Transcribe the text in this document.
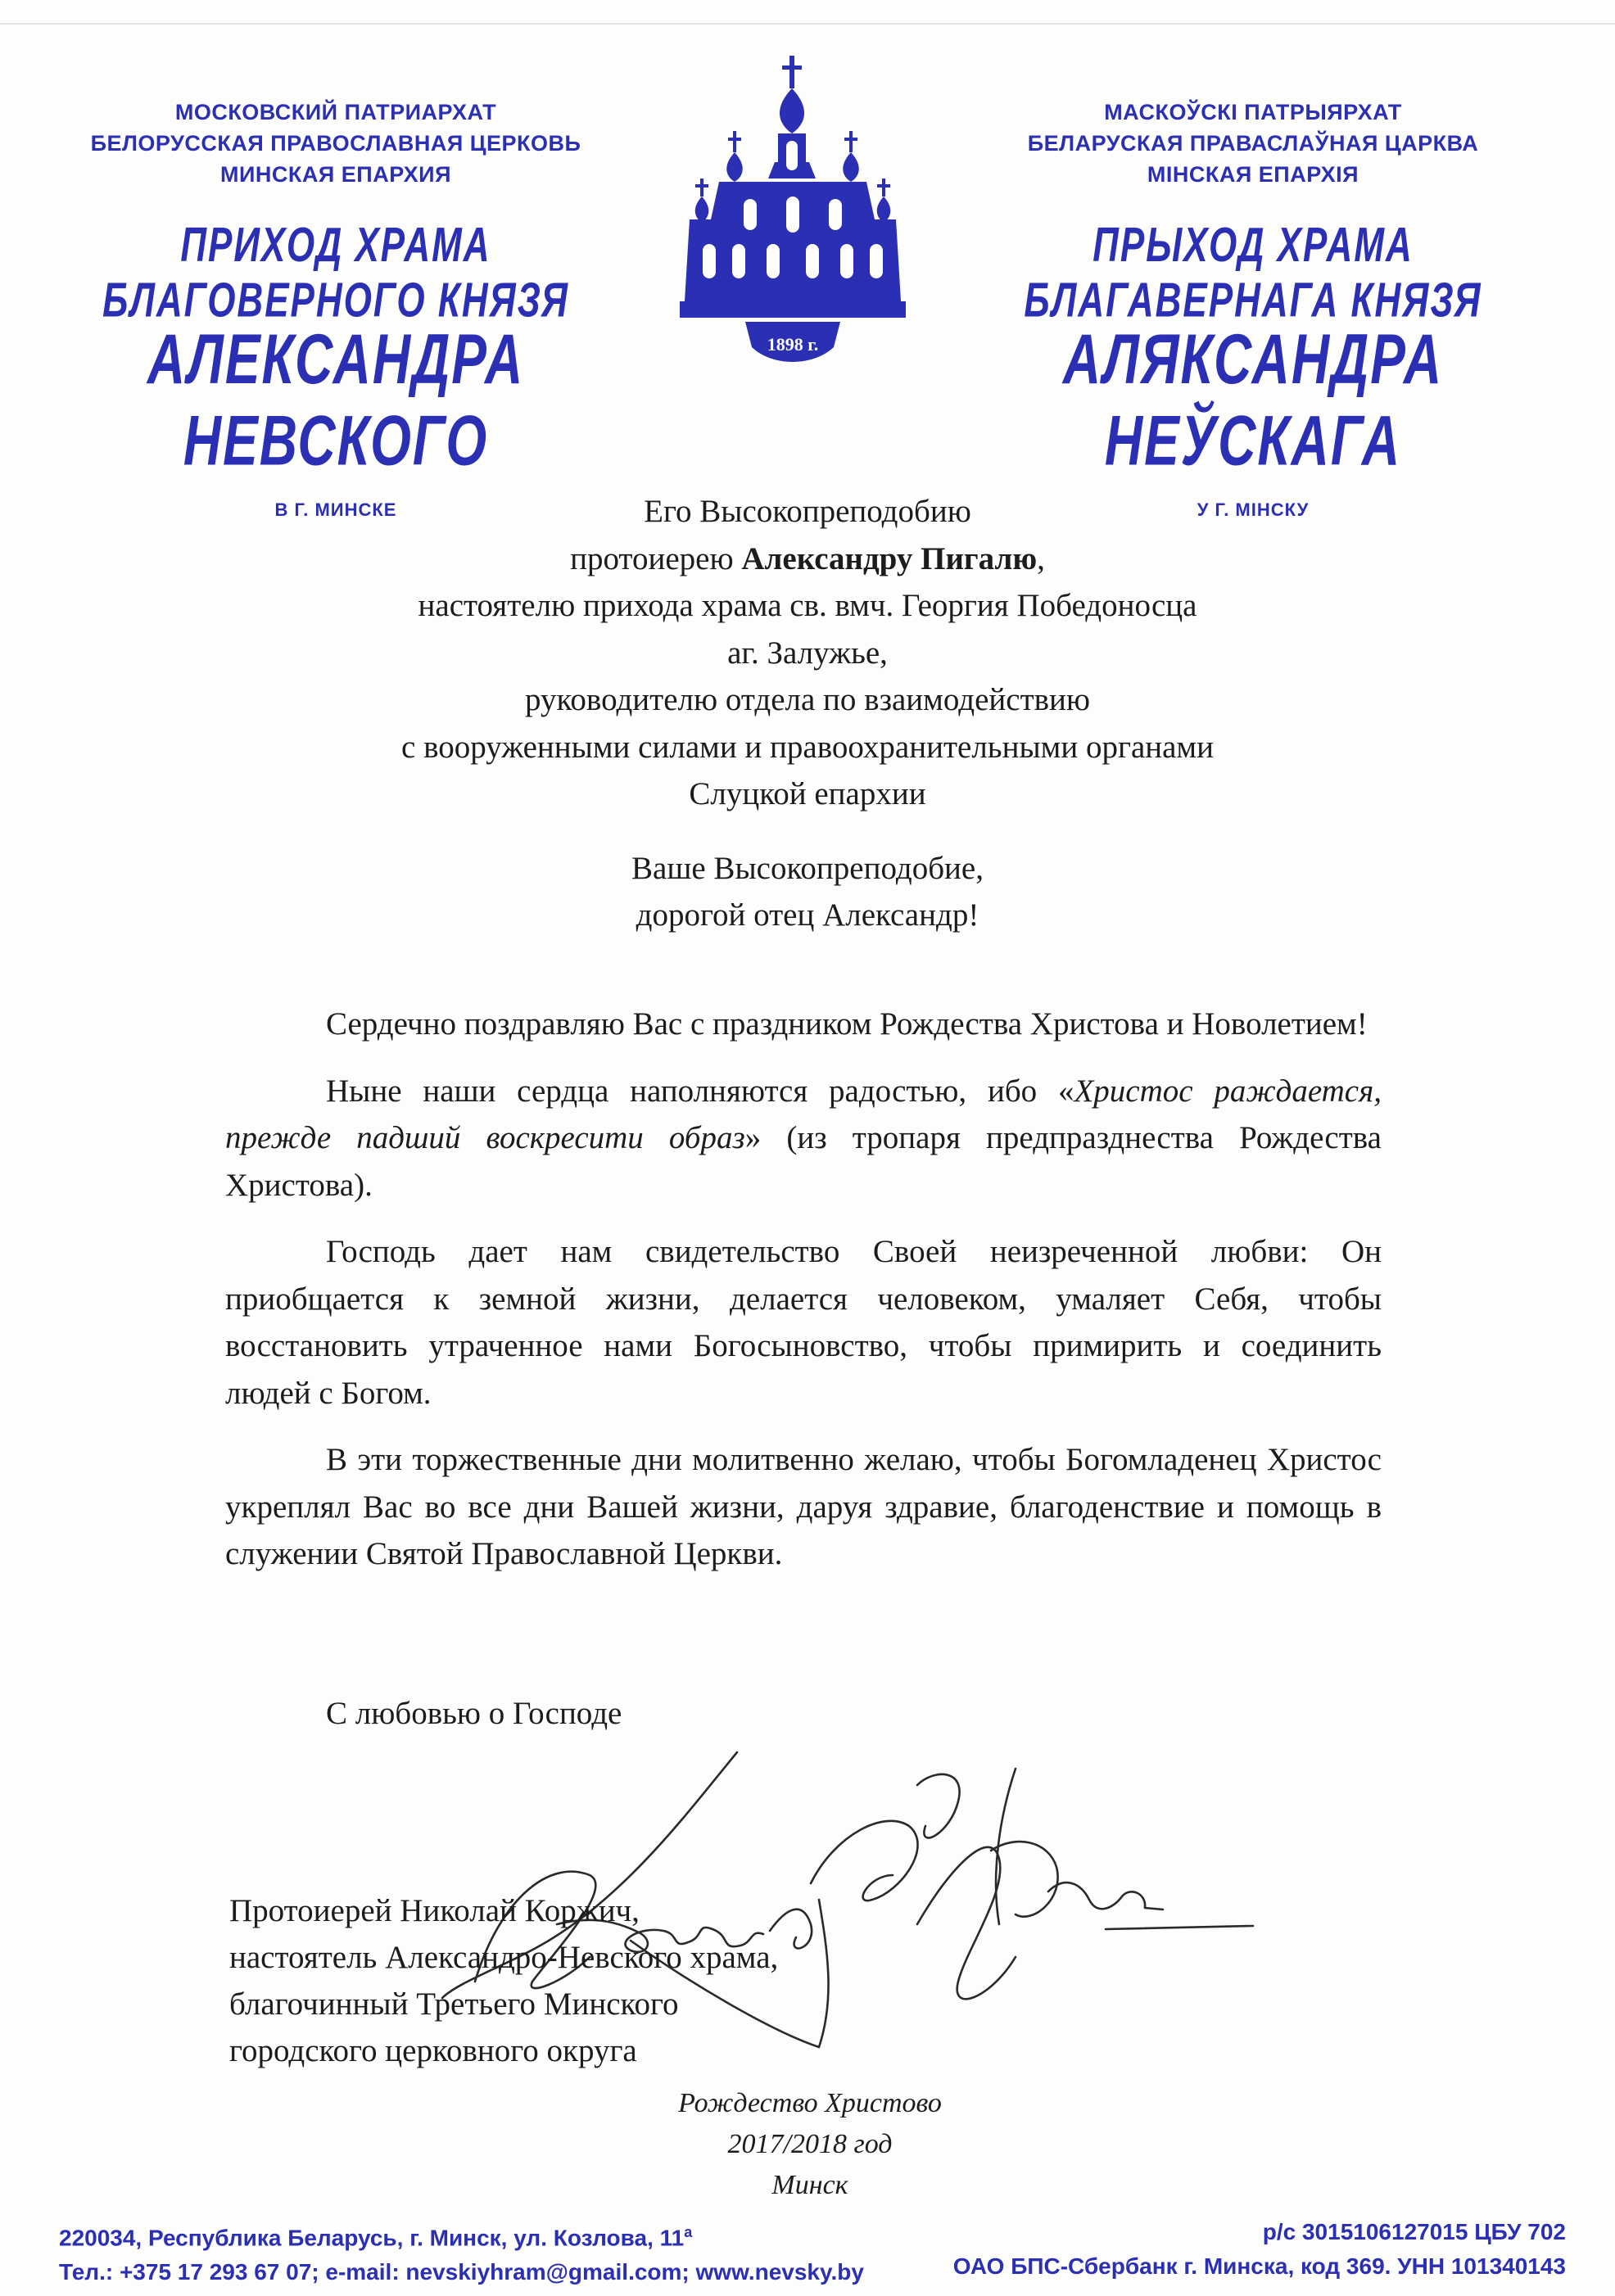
МОСКОВСКИЙ ПАТРИАРХАТ
БЕЛОРУССКАЯ ПРАВОСЛАВНАЯ ЦЕРКОВЬ
МИНСКАЯ ЕПАРХИЯ
ПРИХОД ХРАМА БЛАГОВЕРНОГО КНЯЗЯ
АЛЕКСАНДРА НЕВСКОГО
В Г. МИНСКЕ
1898 г.
МАСКОЎСКІ ПАТРЫЯРХАТ
БЕЛАРУСКАЯ ПРАВАСЛАЎНАЯ ЦАРКВА
МІНСКАЯ ЕПАРХІЯ
ПРЫХОД ХРАМА БЛАГАВЕРНАГА КНЯЗЯ
АЛЯКСАНДРА НЕЎСКАГА
У Г. МІНСКУ
Его Высокопреподобию
протоиерею Александру Пигалю,
настоятелю прихода храма св. вмч. Георгия Победоносца
аг. Залужье,
руководителю отдела по взаимодействию
с вооруженными силами и правоохранительными органами
Слуцкой епархии
Ваше Высокопреподобие,
дорогой отец Александр!

Сердечно поздравляю Вас с праздником Рождества Христова и Новолетием!

Ныне наши сердца наполняются радостью, ибо «Христос раждается, прежде падший воскресити образ» (из тропаря предпразднества Рождества Христова).

Господь дает нам свидетельство Своей неизреченной любви: Он приобщается к земной жизни, делается человеком, умаляет Себя, чтобы восстановить утраченное нами Богосыновство, чтобы примирить и соединить людей с Богом.

В эти торжественные дни молитвенно желаю, чтобы Богомладенец Христос укреплял Вас во все дни Вашей жизни, даруя здравие, благоденствие и помощь в служении Святой Православной Церкви.

С любовью о Господе
Протоиерей Николай Коржич,
настоятель Александро-Невского храма,
благочинный Третьего Минского
городского церковного округа
Рождество Христово
2017/2018 год
Минск
220034, Республика Беларусь, г. Минск, ул. Козлова, $11^а$
Тел.: +375 17 293 67 07; e-mail: nevskiyhram@gmail.com; www.nevsky.by
р/с 3015106127015 ЦБУ 702
ОАО БПС-Сбербанк г. Минска, код 369. УНН 101340143
